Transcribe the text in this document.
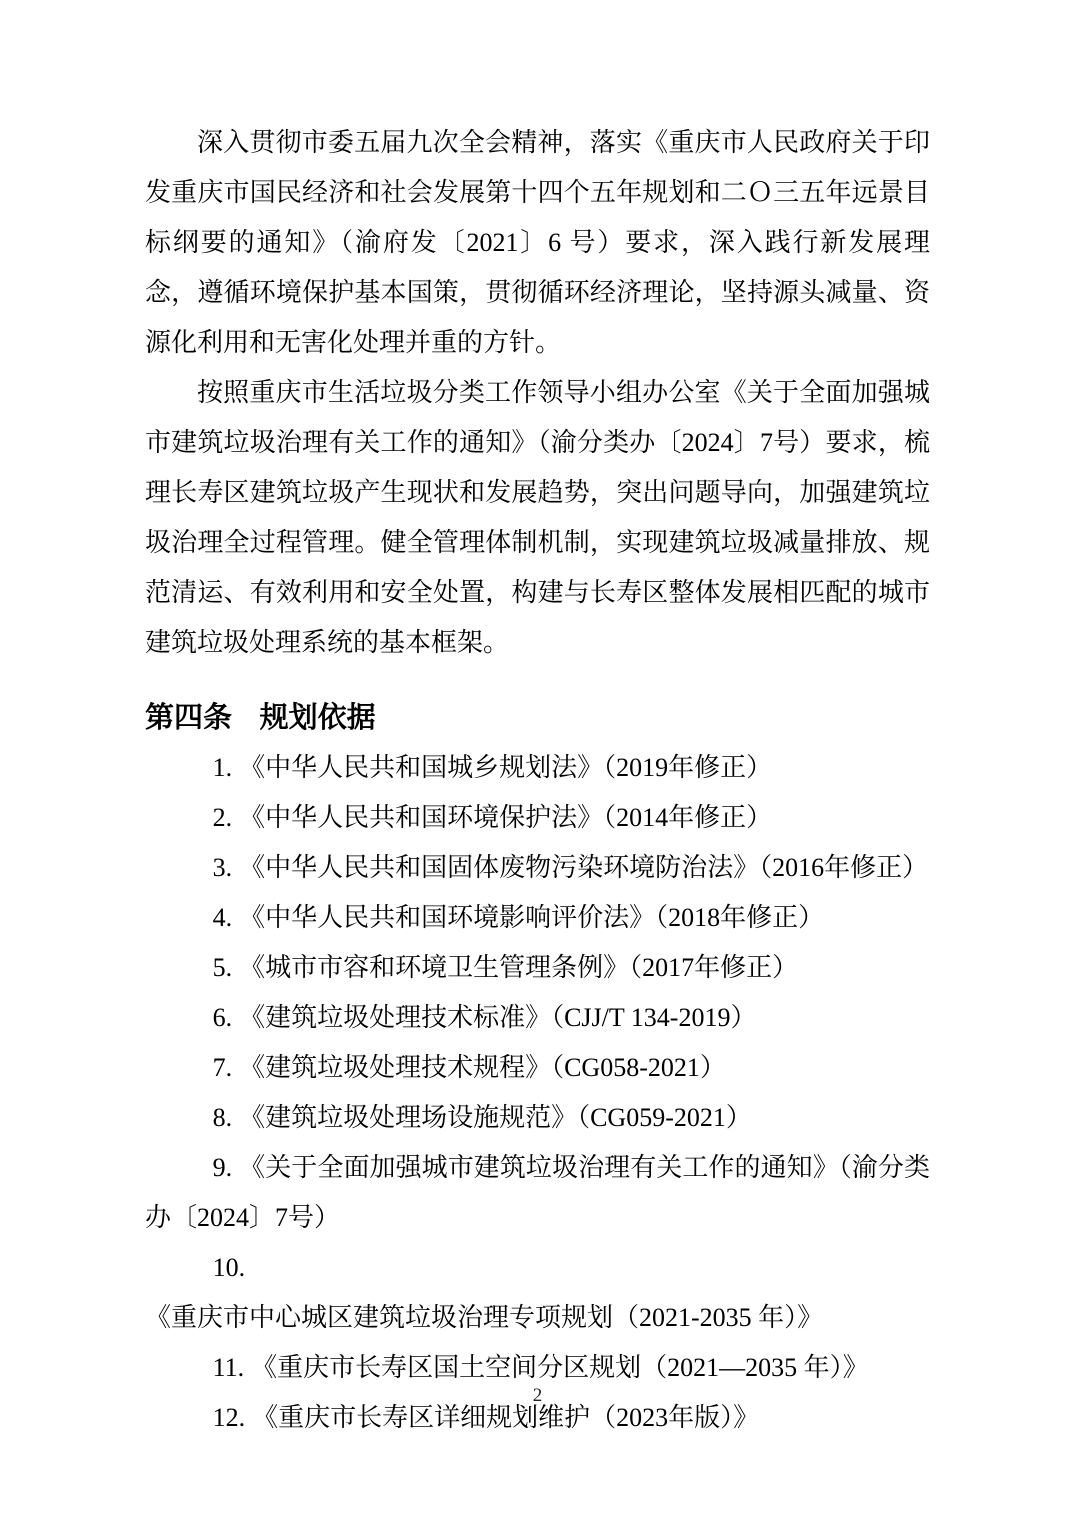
深入贯彻市委五届九次全会精神，落实《重庆市人民政府关于印发重庆市国民经济和社会发展第十四个五年规划和二Ｏ三五年远景目标纲要的通知》（渝府发〔2021〕6 号）要求，深入践行新发展理念，遵循环境保护基本国策，贯彻循环经济理论，坚持源头减量、资源化利用和无害化处理并重的方针。

按照重庆市生活垃圾分类工作领导小组办公室《关于全面加强城市建筑垃圾治理有关工作的通知》（渝分类办〔2024〕7号）要求，梳理长寿区建筑垃圾产生现状和发展趋势，突出问题导向，加强建筑垃圾治理全过程管理。健全管理体制机制，实现建筑垃圾减量排放、规范清运、有效利用和安全处置，构建与长寿区整体发展相匹配的城市建筑垃圾处理系统的基本框架。

第四条 规划依据

1. 《中华人民共和国城乡规划法》（2019年修正）

2. 《中华人民共和国环境保护法》（2014年修正）

3. 《中华人民共和国固体废物污染环境防治法》（2016年修正）

4. 《中华人民共和国环境影响评价法》（2018年修正）

5. 《城市市容和环境卫生管理条例》（2017年修正）

6. 《建筑垃圾处理技术标准》（CJJ/T 134-2019）

7. 《建筑垃圾处理技术规程》（CG058-2021）

8. 《建筑垃圾处理场设施规范》（CG059-2021）

9. 《关于全面加强城市建筑垃圾治理有关工作的通知》（渝分类办〔2024〕7号）

10.《重庆市中心城区建筑垃圾治理专项规划（2021-2035 年）》

11. 《重庆市长寿区国土空间分区规划（2021—2035 年）》

12. 《重庆市长寿区详细规划维护（2023年版）》

2
